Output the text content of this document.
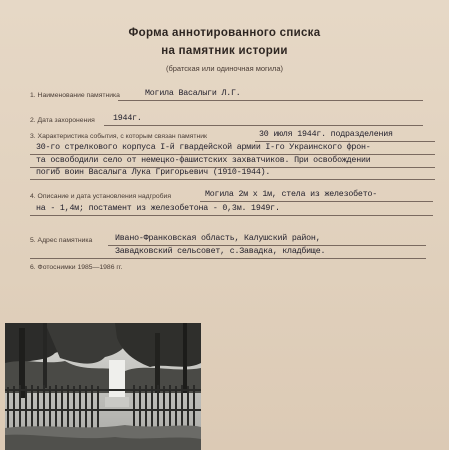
Форма аннотированного списка
на памятник истории
(братская или одиночная могила)
1. Наименование памятника	Могила Васалыги Л.Г.
2. Дата захоронения 1944г.
3. Характеристика события, с которым связан памятник	30 июля 1944г. подразделения
30-го стрелкового корпуса I-й гвардейской армии I-го Украинского фрон-
та освободили село от немецко-фашистских захватчиков. При освобождении
погиб воин Васалыга Лука Григорьевич (1910-1944).
4. Описание и дата установления надгробия	Могила 2м х 1м, стела из железобето-
на - 1,4м; постамент из железобетона - 0,3м. 1949г.
5. Адрес памятника	Ивано-Франковская область, Калушский район,
Завадковский сельсовет, с.Завадка, кладбище.
6. Фотоснимки 1985—1986 гг.
